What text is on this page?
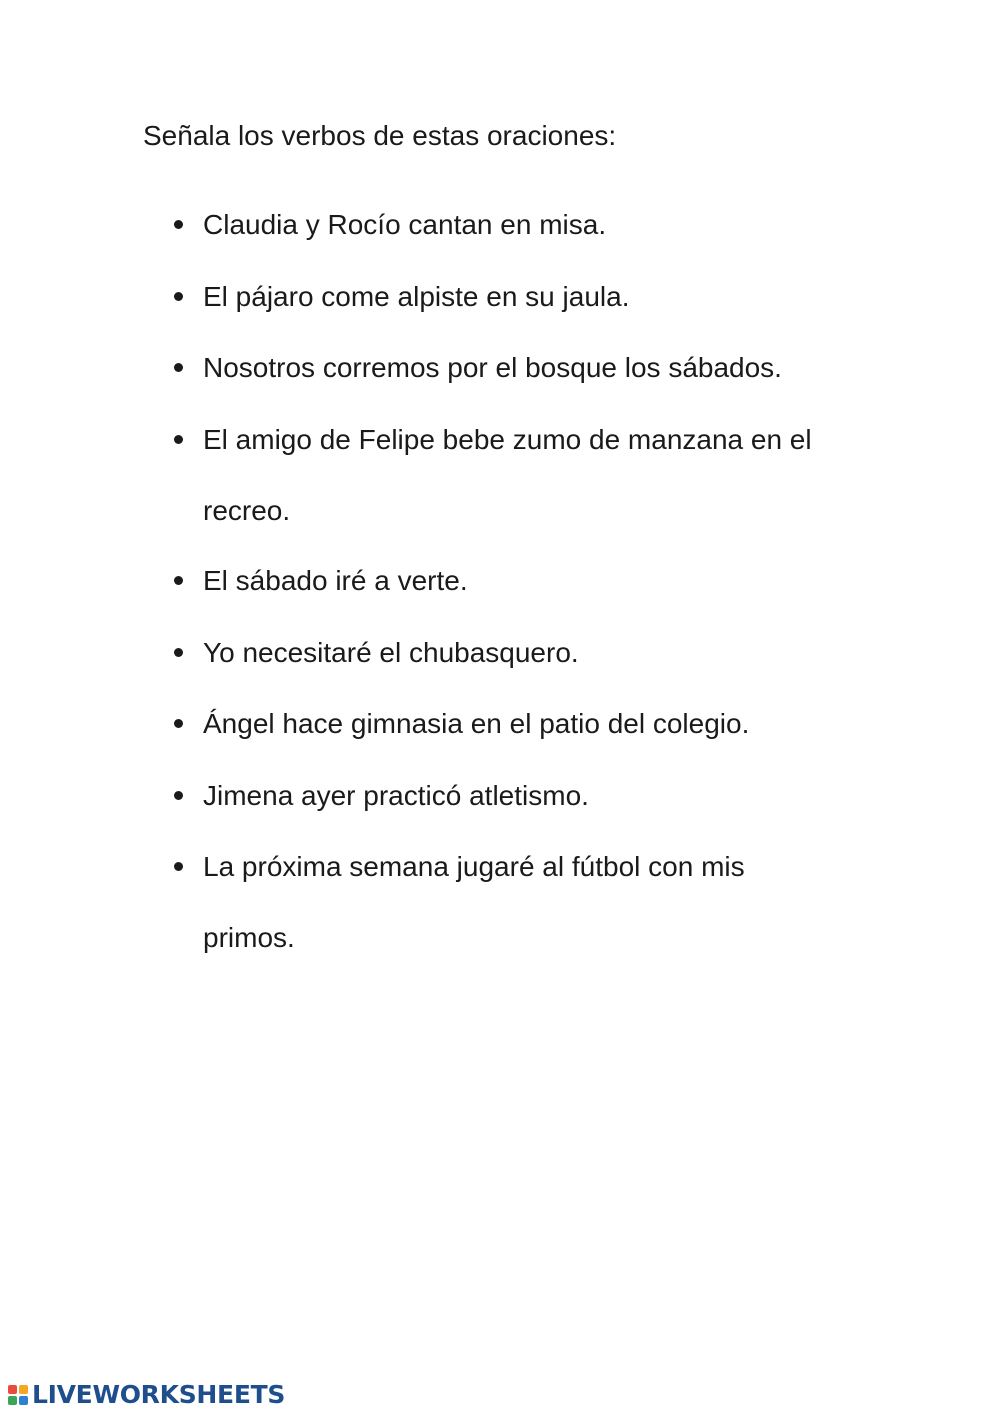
Señala los verbos de estas oraciones:
Claudia y Rocío cantan en misa.
El pájaro come alpiste en su jaula.
Nosotros corremos por el bosque los sábados.
El amigo de Felipe bebe zumo de manzana en el recreo.
El sábado iré a verte.
Yo necesitaré el chubasquero.
Ángel hace gimnasia en el patio del colegio.
Jimena ayer practicó atletismo.
La próxima semana jugaré al fútbol con mis primos.
LIVEWORKSHEETS
